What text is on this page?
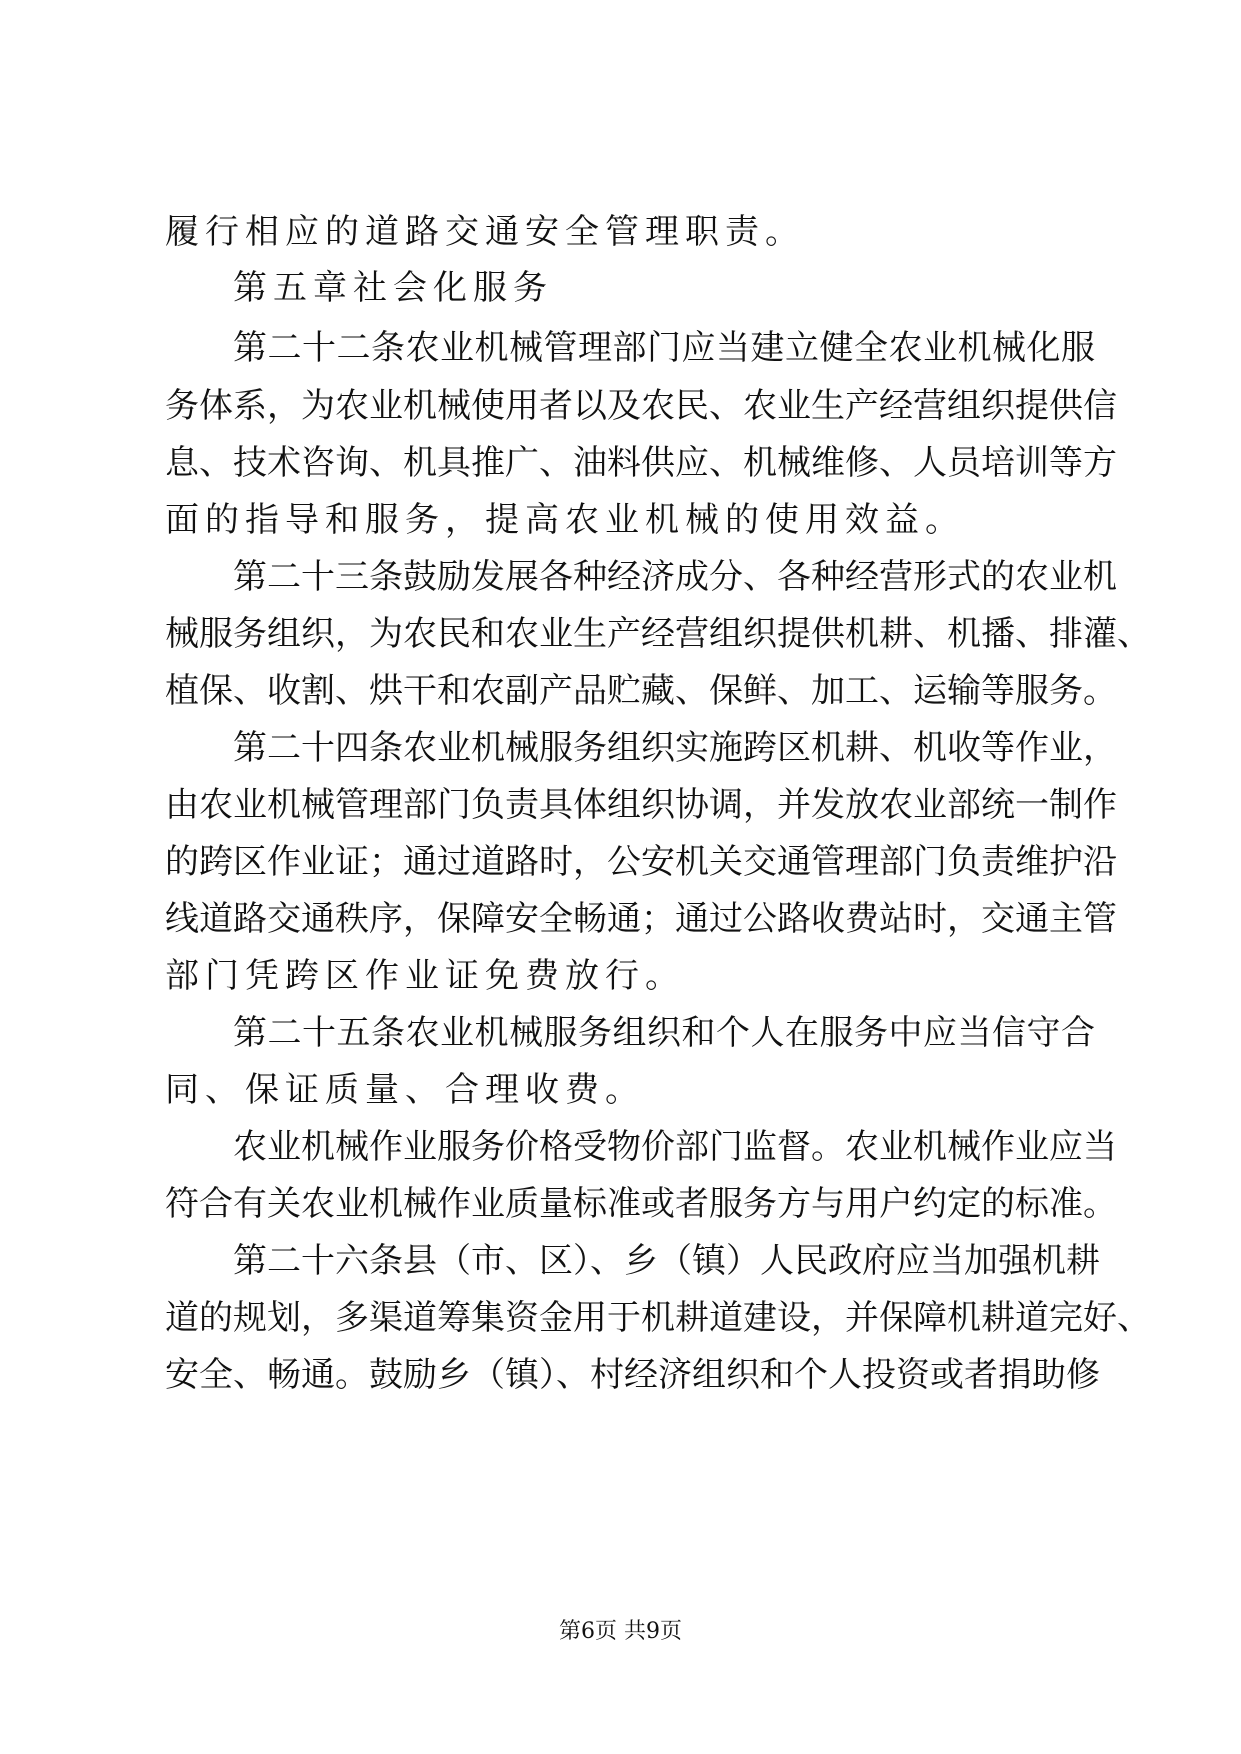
履行相应的道路交通安全管理职责。
第五章社会化服务
第二十二条农业机械管理部门应当建立健全农业机械化服
务体系，为农业机械使用者以及农民、农业生产经营组织提供信
息、技术咨询、机具推广、油料供应、机械维修、人员培训等方
面的指导和服务，提高农业机械的使用效益。
第二十三条鼓励发展各种经济成分、各种经营形式的农业机
械服务组织，为农民和农业生产经营组织提供机耕、机播、排灌、
植保、收割、烘干和农副产品贮藏、保鲜、加工、运输等服务。
第二十四条农业机械服务组织实施跨区机耕、机收等作业，
由农业机械管理部门负责具体组织协调，并发放农业部统一制作
的跨区作业证；通过道路时，公安机关交通管理部门负责维护沿
线道路交通秩序，保障安全畅通；通过公路收费站时，交通主管
部门凭跨区作业证免费放行。
第二十五条农业机械服务组织和个人在服务中应当信守合
同、保证质量、合理收费。
农业机械作业服务价格受物价部门监督。农业机械作业应当
符合有关农业机械作业质量标准或者服务方与用户约定的标准。
第二十六条县（市、区）、乡（镇）人民政府应当加强机耕
道的规划，多渠道筹集资金用于机耕道建设，并保障机耕道完好、
安全、畅通。鼓励乡（镇）、村经济组织和个人投资或者捐助修
第6页 共9页
